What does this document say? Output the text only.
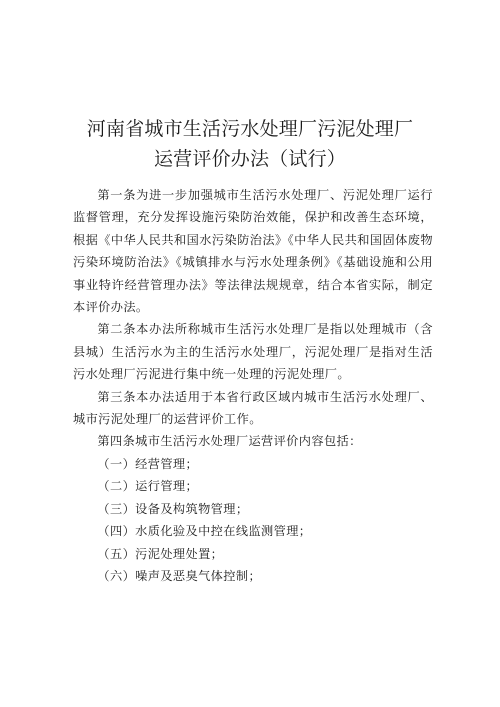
河南省城市生活污水处理厂污泥处理厂
运营评价办法（试行）

第一条为进一步加强城市生活污水处理厂、污泥处理厂运行监督管理，充分发挥设施污染防治效能，保护和改善生态环境，根据《中华人民共和国水污染防治法》《中华人民共和国固体废物污染环境防治法》《城镇排水与污水处理条例》《基础设施和公用事业特许经营管理办法》等法律法规规章，结合本省实际，制定本评价办法。

第二条本办法所称城市生活污水处理厂是指以处理城市（含县城）生活污水为主的生活污水处理厂，污泥处理厂是指对生活污水处理厂污泥进行集中统一处理的污泥处理厂。

第三条本办法适用于本省行政区域内城市生活污水处理厂、城市污泥处理厂的运营评价工作。

第四条城市生活污水处理厂运营评价内容包括：

（一）经营管理；

（二）运行管理；

（三）设备及构筑物管理；

（四）水质化验及中控在线监测管理；

（五）污泥处理处置；

（六）噪声及恶臭气体控制；
